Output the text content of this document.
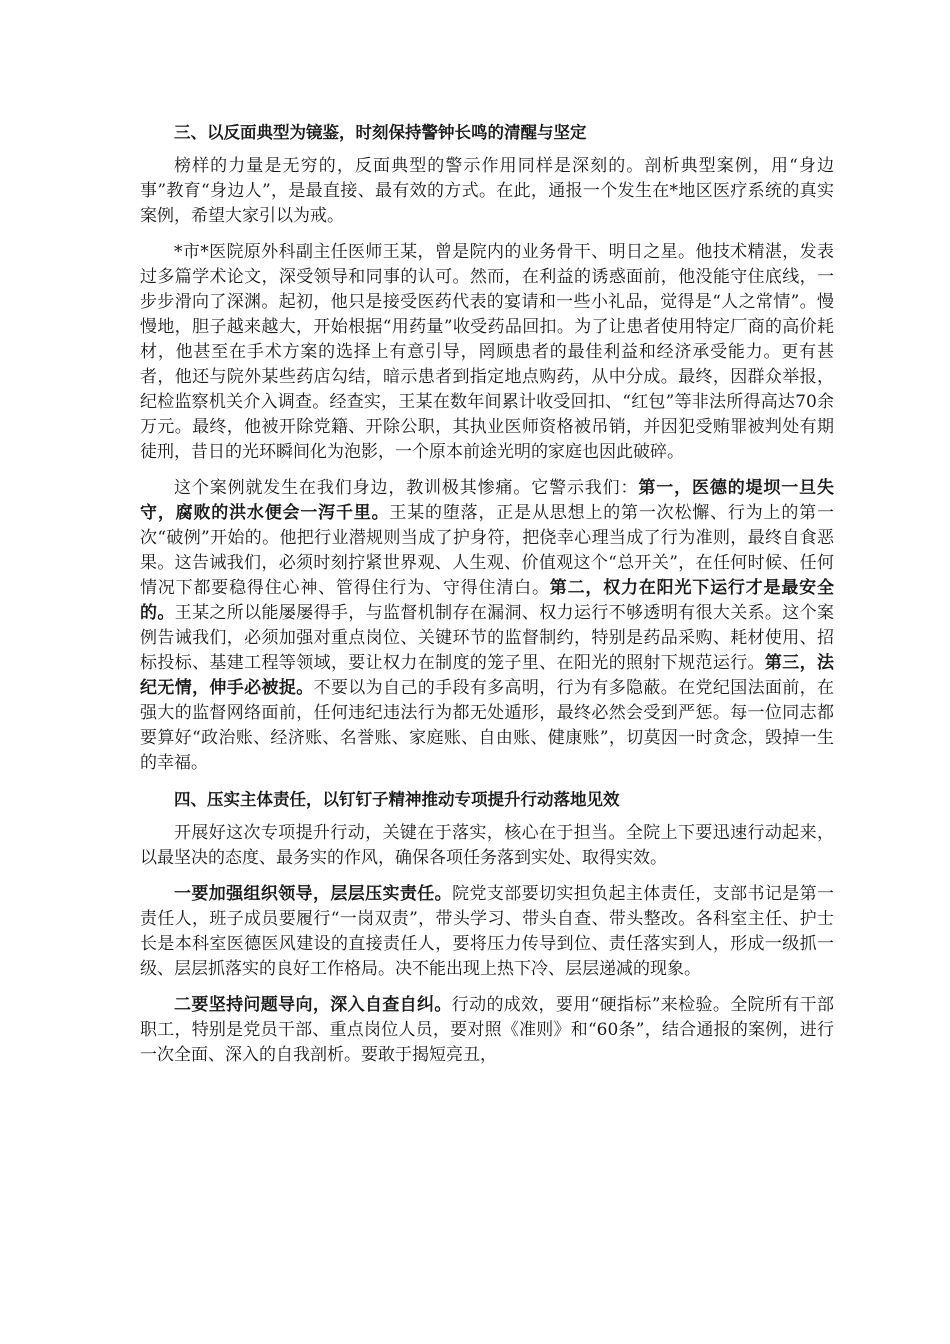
三、以反面典型为镜鉴，时刻保持警钟长鸣的清醒与坚定

榜样的力量是无穷的，反面典型的警示作用同样是深刻的。剖析典型案例，用“身边事”教育“身边人”，是最直接、最有效的方式。在此，通报一个发生在*地区医疗系统的真实案例，希望大家引以为戒。

*市*医院原外科副主任医师王某，曾是院内的业务骨干、明日之星。他技术精湛，发表过多篇学术论文，深受领导和同事的认可。然而，在利益的诱惑面前，他没能守住底线，一步步滑向了深渊。起初，他只是接受医药代表的宴请和一些小礼品，觉得是“人之常情”。慢慢地，胆子越来越大，开始根据“用药量”收受药品回扣。为了让患者使用特定厂商的高价耗材，他甚至在手术方案的选择上有意引导，罔顾患者的最佳利益和经济承受能力。更有甚者，他还与院外某些药店勾结，暗示患者到指定地点购药，从中分成。最终，因群众举报，纪检监察机关介入调查。经查实，王某在数年间累计收受回扣、“红包”等非法所得高达70余万元。最终，他被开除党籍、开除公职，其执业医师资格被吊销，并因犯受贿罪被判处有期徒刑，昔日的光环瞬间化为泡影，一个原本前途光明的家庭也因此破碎。

这个案例就发生在我们身边，教训极其惨痛。它警示我们：第一，医德的堤坝一旦失守，腐败的洪水便会一泻千里。王某的堕落，正是从思想上的第一次松懈、行为上的第一次“破例”开始的。他把行业潜规则当成了护身符，把侥幸心理当成了行为准则，最终自食恶果。这告诫我们，必须时刻拧紧世界观、人生观、价值观这个“总开关”，在任何时候、任何情况下都要稳得住心神、管得住行为、守得住清白。第二，权力在阳光下运行才是最安全的。王某之所以能屡屡得手，与监督机制存在漏洞、权力运行不够透明有很大关系。这个案例告诫我们，必须加强对重点岗位、关键环节的监督制约，特别是药品采购、耗材使用、招标投标、基建工程等领域，要让权力在制度的笼子里、在阳光的照射下规范运行。第三，法纪无情，伸手必被捉。不要以为自己的手段有多高明，行为有多隐蔽。在党纪国法面前，在强大的监督网络面前，任何违纪违法行为都无处遁形，最终必然会受到严惩。每一位同志都要算好“政治账、经济账、名誉账、家庭账、自由账、健康账”，切莫因一时贪念，毁掉一生的幸福。

四、压实主体责任，以钉钉子精神推动专项提升行动落地见效

开展好这次专项提升行动，关键在于落实，核心在于担当。全院上下要迅速行动起来，以最坚决的态度、最务实的作风，确保各项任务落到实处、取得实效。

一要加强组织领导，层层压实责任。院党支部要切实担负起主体责任，支部书记是第一责任人，班子成员要履行“一岗双责”，带头学习、带头自查、带头整改。各科室主任、护士长是本科室医德医风建设的直接责任人，要将压力传导到位、责任落实到人，形成一级抓一级、层层抓落实的良好工作格局。决不能出现上热下冷、层层递减的现象。

二要坚持问题导向，深入自查自纠。行动的成效，要用“硬指标”来检验。全院所有干部职工，特别是党员干部、重点岗位人员，要对照《准则》和“60条”，结合通报的案例，进行一次全面、深入的自我剖析。要敢于揭短亮丑，
